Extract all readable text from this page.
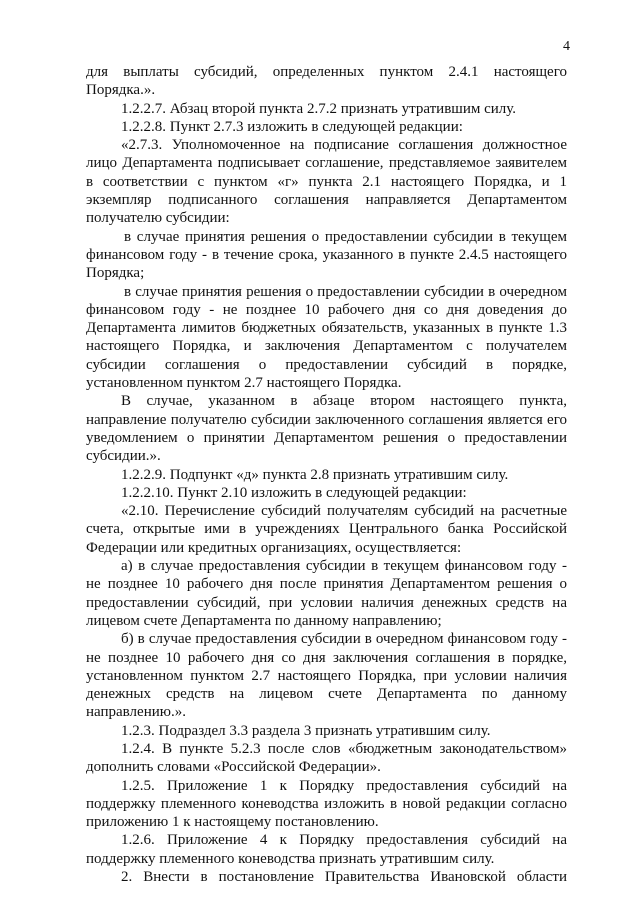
4

для выплаты субсидий, определенных пунктом 2.4.1 настоящего Порядка.».

1.2.2.7. Абзац второй пункта 2.7.2 признать утратившим силу.

1.2.2.8. Пункт 2.7.3 изложить в следующей редакции:

«2.7.3. Уполномоченное на подписание соглашения должностное лицо Департамента подписывает соглашение, представляемое заявителем в соответствии с пунктом «г» пункта 2.1 настоящего Порядка, и 1 экземпляр подписанного соглашения направляется Департаментом получателю субсидии:

в случае принятия решения о предоставлении субсидии в текущем финансовом году - в течение срока, указанного в пункте 2.4.5 настоящего Порядка;

в случае принятия решения о предоставлении субсидии в очередном финансовом году - не позднее 10 рабочего дня со дня доведения до Департамента лимитов бюджетных обязательств, указанных в пункте 1.3 настоящего Порядка, и заключения Департаментом с получателем субсидии соглашения о предоставлении субсидий в порядке, установленном пунктом 2.7 настоящего Порядка.

В случае, указанном в абзаце втором настоящего пункта, направление получателю субсидии заключенного соглашения является его уведомлением о принятии Департаментом решения о предоставлении субсидии.».

1.2.2.9. Подпункт «д» пункта 2.8 признать утратившим силу.

1.2.2.10. Пункт 2.10 изложить в следующей редакции:

«2.10. Перечисление субсидий получателям субсидий на расчетные счета, открытые ими в учреждениях Центрального банка Российской Федерации или кредитных организациях, осуществляется:

а) в случае предоставления субсидии в текущем финансовом году - не позднее 10 рабочего дня после принятия Департаментом решения о предоставлении субсидий, при условии наличия денежных средств на лицевом счете Департамента по данному направлению;

б) в случае предоставления субсидии в очередном финансовом году - не позднее 10 рабочего дня со дня заключения соглашения в порядке, установленном пунктом 2.7 настоящего Порядка, при условии наличия денежных средств на лицевом счете Департамента по данному направлению.».

1.2.3. Подраздел 3.3 раздела 3 признать утратившим силу.

1.2.4. В пункте 5.2.3 после слов «бюджетным законодательством» дополнить словами «Российской Федерации».

1.2.5. Приложение 1 к Порядку предоставления субсидий на поддержку племенного коневодства изложить в новой редакции согласно приложению 1 к настоящему постановлению.

1.2.6. Приложение 4 к Порядку предоставления субсидий на поддержку племенного коневодства признать утратившим силу.

2. Внести в постановление Правительства Ивановской области
